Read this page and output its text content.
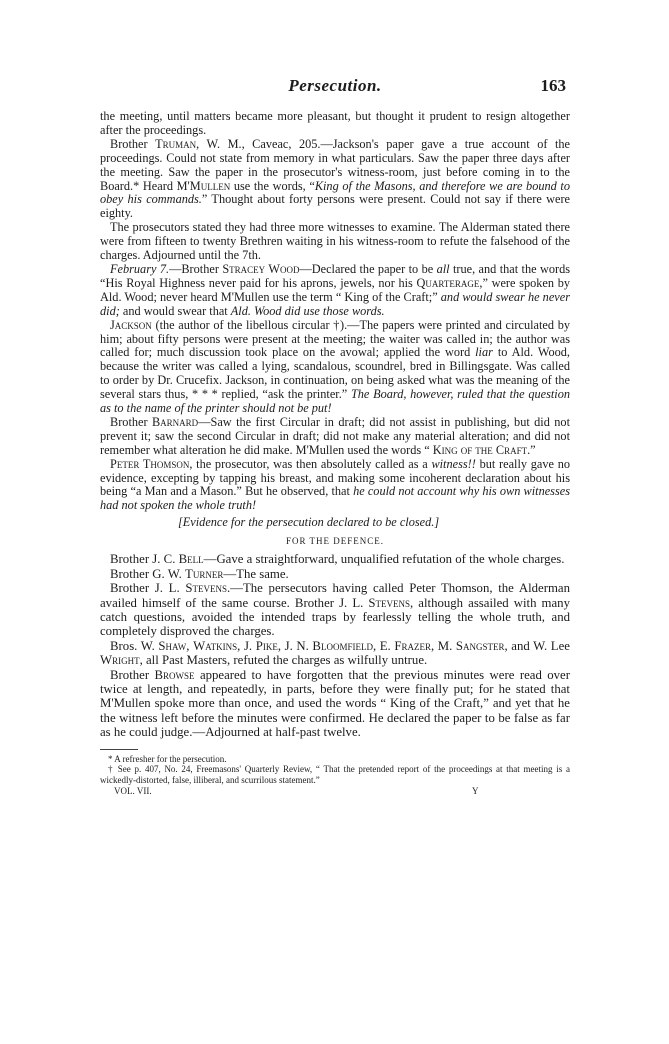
Persecution.	163

the meeting, until matters became more pleasant, but thought it prudent to resign altogether after the proceedings.

Brother Truman, W. M., Caveac, 205.—Jackson's paper gave a true account of the proceedings. Could not state from memory in what particulars. Saw the paper three days after the meeting. Saw the paper in the prosecutor's witness-room, just before coming in to the Board.* Heard M'Mullen use the words, “King of the Masons, and therefore we are bound to obey his commands.” Thought about forty persons were present. Could not say if there were eighty.

The prosecutors stated they had three more witnesses to examine. The Alderman stated there were from fifteen to twenty Brethren waiting in his witness-room to refute the falsehood of the charges. Adjourned until the 7th.

February 7.—Brother Stracey Wood—Declared the paper to be all true, and that the words “His Royal Highness never paid for his aprons, jewels, nor his Quarterage,” were spoken by Ald. Wood; never heard M'Mullen use the term “ King of the Craft;” and would swear he never did; and would swear that Ald. Wood did use those words.

Jackson (the author of the libellous circular †).—The papers were printed and circulated by him; about fifty persons were present at the meeting; the waiter was called in; the author was called for; much discussion took place on the avowal; applied the word liar to Ald. Wood, because the writer was called a lying, scandalous, scoundrel, bred in Billingsgate. Was called to order by Dr. Crucefix. Jackson, in continuation, on being asked what was the meaning of the several stars thus, * * * replied, “ask the printer.” The Board, however, ruled that the question as to the name of the printer should not be put!

Brother Barnard—Saw the first Circular in draft; did not assist in publishing, but did not prevent it; saw the second Circular in draft; did not make any material alteration; and did not remember what alteration he did make. M'Mullen used the words “ King of the Craft.”

Peter Thomson, the prosecutor, was then absolutely called as a witness!! but really gave no evidence, excepting by tapping his breast, and making some incoherent declaration about his being “a Man and a Mason.” But he observed, that he could not account why his own witnesses had not spoken the whole truth!

[Evidence for the persecution declared to be closed.]

FOR THE DEFENCE.

Brother J. C. Bell—Gave a straightforward, unqualified refutation of the whole charges.

Brother G. W. Turner—The same.

Brother J. L. Stevens.—The persecutors having called Peter Thomson, the Alderman availed himself of the same course. Brother J. L. Stevens, although assailed with many catch questions, avoided the intended traps by fearlessly telling the whole truth, and completely disproved the charges.

Bros. W. Shaw, Watkins, J. Pike, J. N. Bloomfield, E. Frazer, M. Sangster, and W. Lee Wright, all Past Masters, refuted the charges as wilfully untrue.

Brother Browse appeared to have forgotten that the previous minutes were read over twice at length, and repeatedly, in parts, before they were finally put; for he stated that M'Mullen spoke more than once, and used the words “ King of the Craft,” and yet that he the witness left before the minutes were confirmed. He declared the paper to be false as far as he could judge.—Adjourned at half-past twelve.

* A refresher for the persecution.

† See p. 407, No. 24, Freemasons' Quarterly Review, “ That the pretended report of the proceedings at that meeting is a wickedly-distorted, false, illiberal, and scurrilous statement.”

VOL. VII.	Y
